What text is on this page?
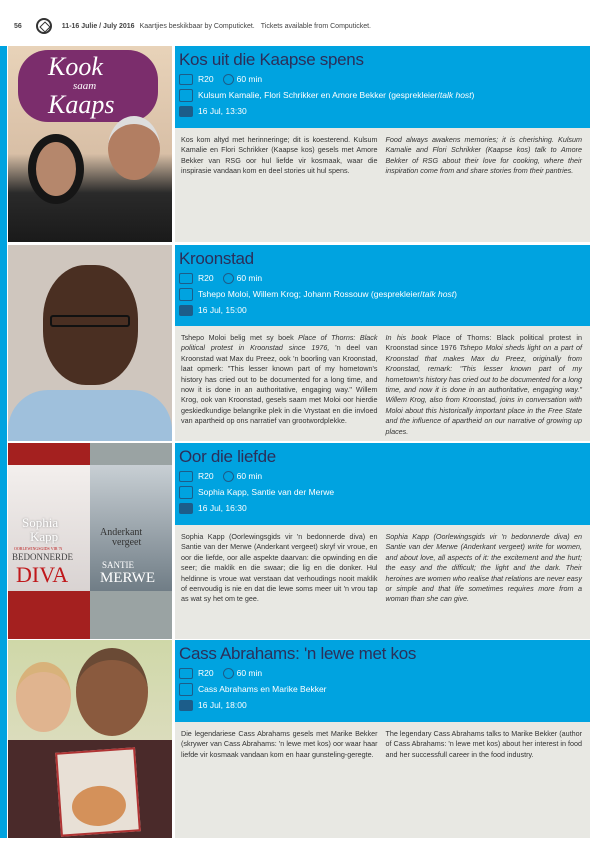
56	11-16 Julie / July 2016 Kaartjies beskikbaar by Computicket. Tickets available from Computicket.
Kook
saam
Kaaps
Kos uit die Kaapse spens
R20	60 min
Kulsum Kamalie, Flori Schrikker en Amore Bekker (gesprekleier/talk host)
16 Jul, 13:30
Kos kom altyd met herinneringe; dit is koesterend. Kulsum Kamalie en Flori Schrikker (Kaapse kos) gesels met Amore Bekker van RSG oor hul liefde vir kosmaak, waar die inspirasie vandaan kom en deel stories uit hul spens.
Food always awakens memories; it is cherishing. Kulsum Kamalie and Flori Schrikker (Kaapse kos) talk to Amore Bekker of RSG about their love for cooking, where their inspiration come from and share stories from their pantries.
Kroonstad
R20	60 min
Tshepo Moloi, Willem Krog; Johann Rossouw (gesprekleier/talk host)
16 Jul, 15:00
Tshepo Moloi belig met sy boek Place of Thorns: Black political protest in Kroonstad since 1976, 'n deel van Kroonstad wat Max du Preez, ook 'n boorling van Kroonstad, laat opmerk: "This lesser known part of my hometown's history has cried out to be documented for a long time, and now it is done in an authoritative, engaging way." Willem Krog, ook van Kroonstad, gesels saam met Moloi oor hierdie geskiedkundige belangrike plek in die Vrystaat en die invloed van apartheid op ons narratief van grootwordplekke.
In his book Place of Thorns: Black political protest in Kroonstad since 1976 Tshepo Moloi sheds light on a part of Kroonstad that makes Max du Preez, originally from Kroonstad, remark: "This lesser known part of my hometown's history has cried out to be documented for a long time, and now it is done in an authoritative, engaging way." Willem Krog, also from Kroonstad, joins in conversation with Moloi about this historically important place in the Free State and the influence of apartheid on our narrative of growing up places.
Sophia
Kapp
OORLEWINGSGIDS VIR 'N
BEDONNERDE
DIVA
Anderkant
vergeet
SANTIE
MERWE
Oor die liefde
R20	60 min
Sophia Kapp, Santie van der Merwe
16 Jul, 16:30
Sophia Kapp (Oorlewingsgids vir 'n bedonnerde diva) en Santie van der Merwe (Anderkant vergeet) skryf vir vroue, en oor die liefde, oor alle aspekte daarvan: die opwinding en die seer; die maklik en die swaar; die lig en die donker. Hul heldinne is vroue wat verstaan dat verhoudings nooit maklik of eenvoudig is nie en dat die lewe soms meer uit 'n vrou tap as wat sy het om te gee.
Sophia Kapp (Oorlewingsgids vir 'n bedonnerde diva) en Santie van der Merwe (Anderkant vergeet) write for women, and about love, all aspects of it: the excitement and the hurt; the easy and the difficult; the light and the dark. Their heroines are women who realise that relations are never easy or simple and that life sometimes requires more from a woman than she can give.
Cass Abrahams: 'n lewe met kos
R20	60 min
Cass Abrahams en Marike Bekker
16 Jul, 18:00
Die legendariese Cass Abrahams gesels met Marike Bekker (skrywer van Cass Abrahams: 'n lewe met kos) oor waar haar liefde vir kosmaak vandaan kom en haar gunsteling-geregte.
The legendary Cass Abrahams talks to Marike Bekker (author of Cass Abrahams: 'n lewe met kos) about her interest in food and her successfull career in the food industry.
